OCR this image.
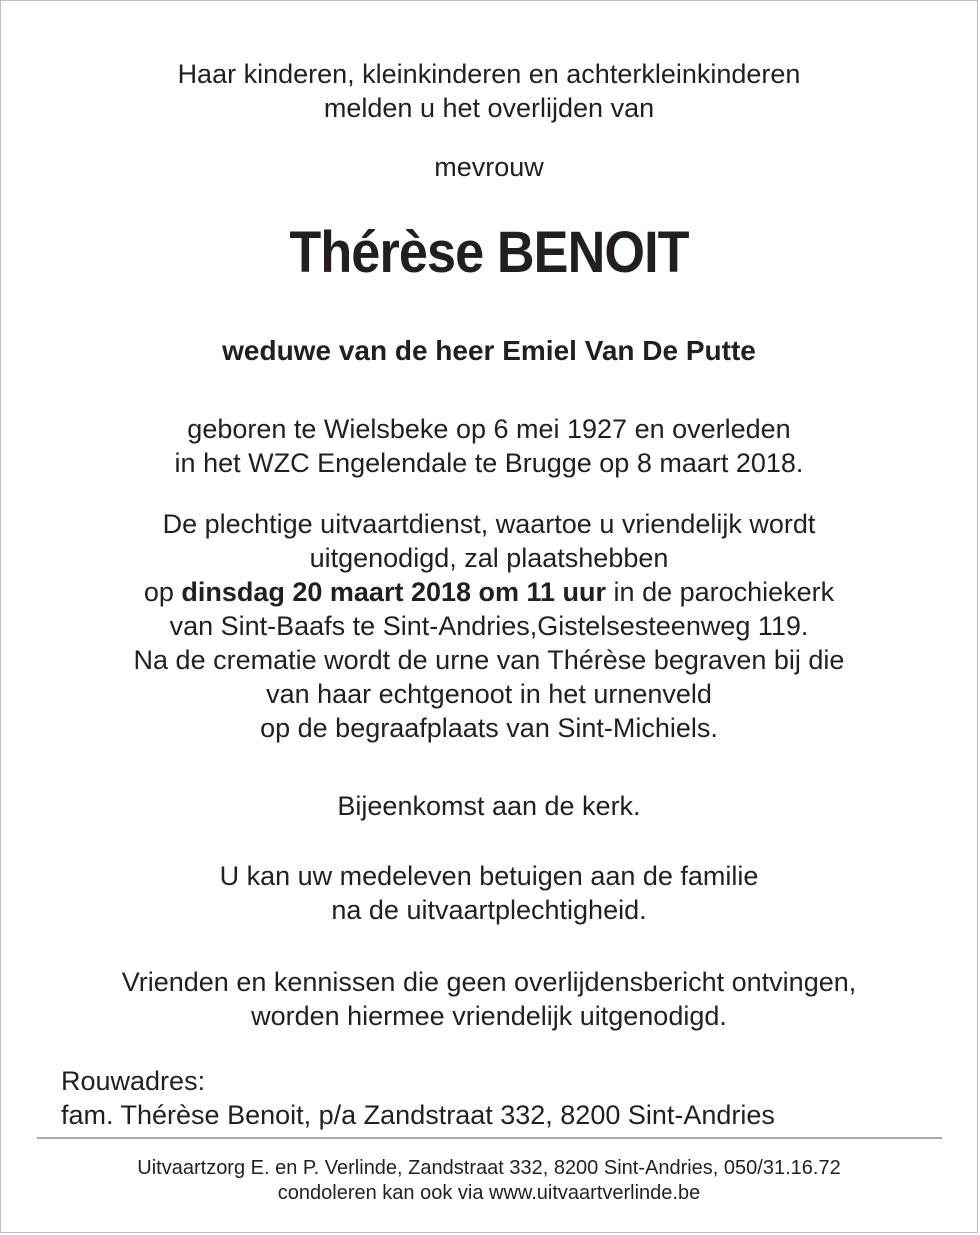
Haar kinderen, kleinkinderen en achterkleinkinderen
melden u het overlijden van
mevrouw
Thérèse BENOIT
weduwe van de heer Emiel Van De Putte
geboren te Wielsbeke op 6 mei 1927 en overleden
in het WZC Engelendale te Brugge op 8 maart 2018.
De plechtige uitvaartdienst, waartoe u vriendelijk wordt
uitgenodigd, zal plaatshebben
op dinsdag 20 maart 2018 om 11 uur in de parochiekerk
van Sint-Baafs te Sint-Andries,Gistelsesteenweg 119.
Na de crematie wordt de urne van Thérèse begraven bij die
van haar echtgenoot in het urnenveld
op de begraafplaats van Sint-Michiels.
Bijeenkomst aan de kerk.
U kan uw medeleven betuigen aan de familie
na de uitvaartplechtigheid.
Vrienden en kennissen die geen overlijdensbericht ontvingen,
worden hiermee vriendelijk uitgenodigd.
Rouwadres:
fam. Thérèse Benoit, p/a Zandstraat 332, 8200 Sint-Andries
Uitvaartzorg E. en P. Verlinde, Zandstraat 332, 8200 Sint-Andries, 050/31.16.72
condoleren kan ook via www.uitvaartverlinde.be
